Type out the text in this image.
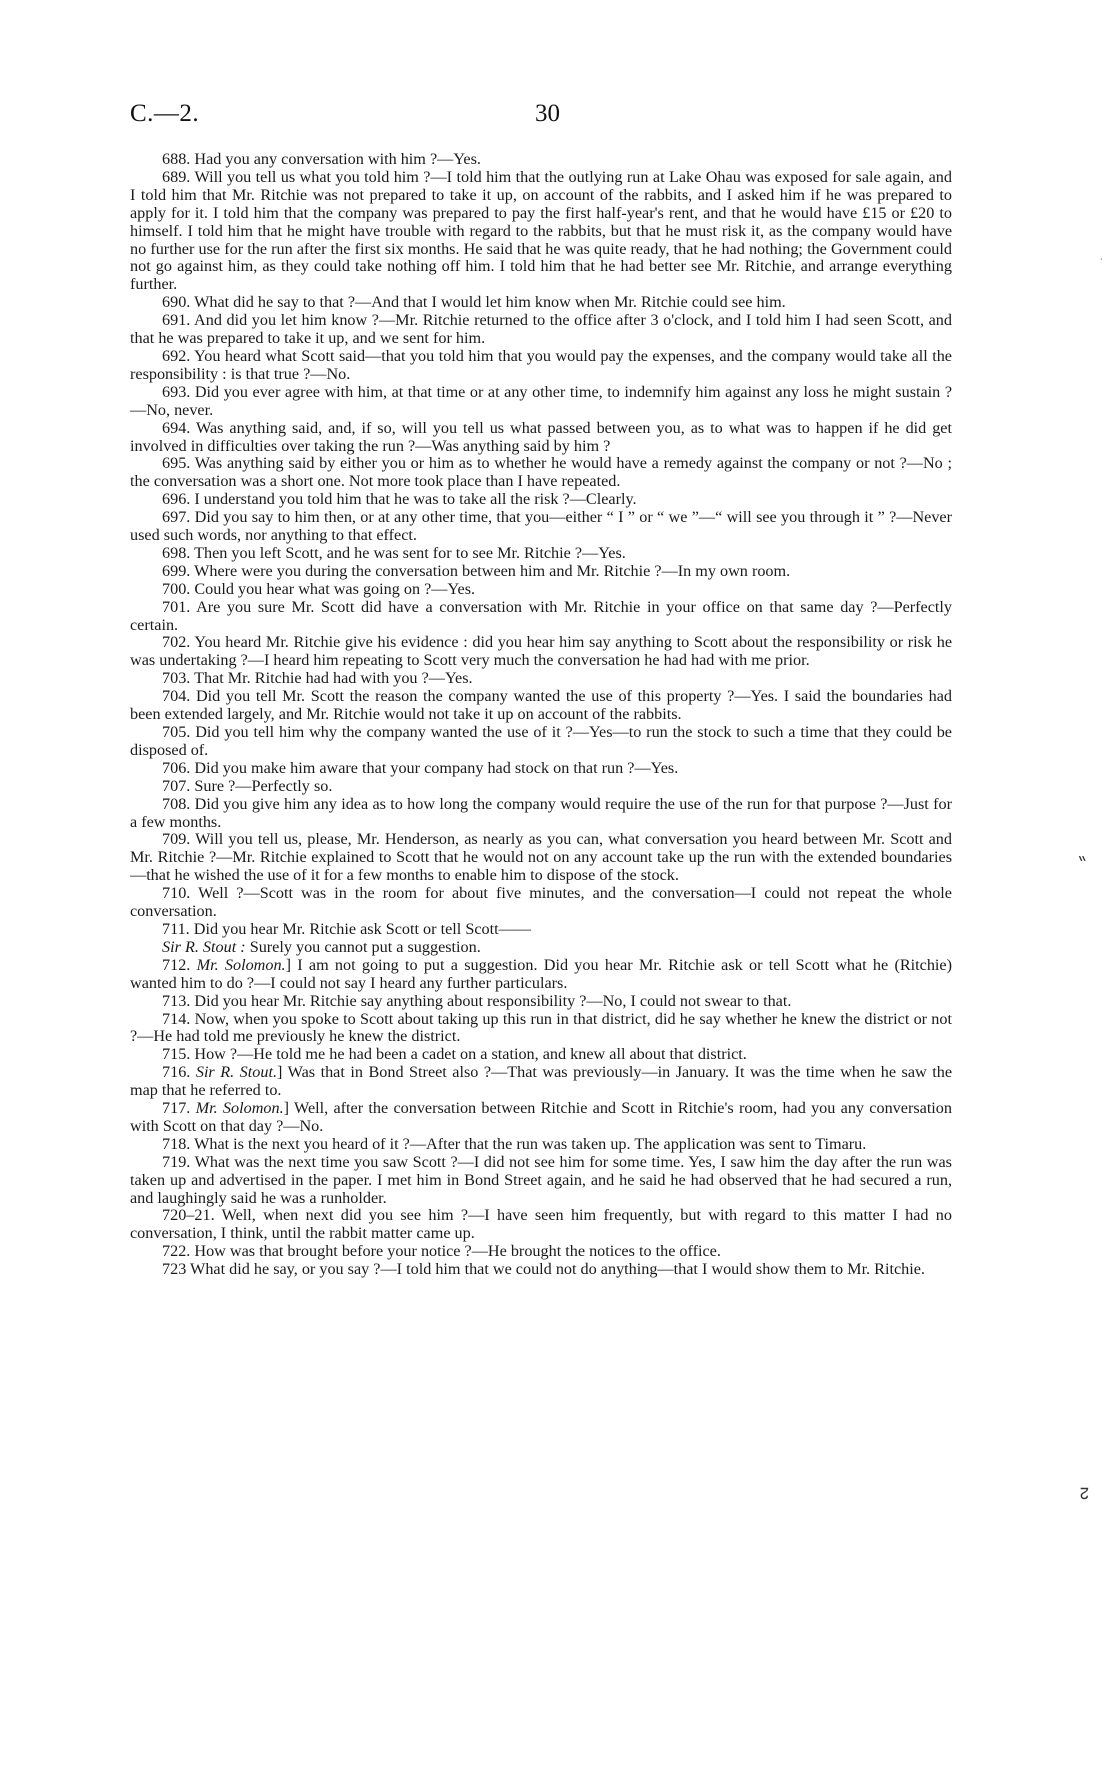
C.—2.	30

688. Had you any conversation with him ?—Yes.

689. Will you tell us what you told him ?—I told him that the outlying run at Lake Ohau was exposed for sale again, and I told him that Mr. Ritchie was not prepared to take it up, on account of the rabbits, and I asked him if he was prepared to apply for it. I told him that the company was prepared to pay the first half-year's rent, and that he would have £15 or £20 to himself. I told him that he might have trouble with regard to the rabbits, but that he must risk it, as the company would have no further use for the run after the first six months. He said that he was quite ready, that he had nothing; the Government could not go against him, as they could take nothing off him. I told him that he had better see Mr. Ritchie, and arrange everything further.

690. What did he say to that ?—And that I would let him know when Mr. Ritchie could see him.

691. And did you let him know ?—Mr. Ritchie returned to the office after 3 o'clock, and I told him I had seen Scott, and that he was prepared to take it up, and we sent for him.

692. You heard what Scott said—that you told him that you would pay the expenses, and the company would take all the responsibility : is that true ?—No.

693. Did you ever agree with him, at that time or at any other time, to indemnify him against any loss he might sustain ?—No, never.

694. Was anything said, and, if so, will you tell us what passed between you, as to what was to happen if he did get involved in difficulties over taking the run ?—Was anything said by him ?

695. Was anything said by either you or him as to whether he would have a remedy against the company or not ?—No ; the conversation was a short one. Not more took place than I have repeated.

696. I understand you told him that he was to take all the risk ?—Clearly.

697. Did you say to him then, or at any other time, that you—either “ I ” or “ we ”—“ will see you through it ” ?—Never used such words, nor anything to that effect.

698. Then you left Scott, and he was sent for to see Mr. Ritchie ?—Yes.

699. Where were you during the conversation between him and Mr. Ritchie ?—In my own room.

700. Could you hear what was going on ?—Yes.

701. Are you sure Mr. Scott did have a conversation with Mr. Ritchie in your office on that same day ?—Perfectly certain.

702. You heard Mr. Ritchie give his evidence : did you hear him say anything to Scott about the responsibility or risk he was undertaking ?—I heard him repeating to Scott very much the conversation he had had with me prior.

703. That Mr. Ritchie had had with you ?—Yes.

704. Did you tell Mr. Scott the reason the company wanted the use of this property ?—Yes. I said the boundaries had been extended largely, and Mr. Ritchie would not take it up on account of the rabbits.

705. Did you tell him why the company wanted the use of it ?—Yes—to run the stock to such a time that they could be disposed of.

706. Did you make him aware that your company had stock on that run ?—Yes.

707. Sure ?—Perfectly so.

708. Did you give him any idea as to how long the company would require the use of the run for that purpose ?—Just for a few months.

709. Will you tell us, please, Mr. Henderson, as nearly as you can, what conversation you heard between Mr. Scott and Mr. Ritchie ?—Mr. Ritchie explained to Scott that he would not on any account take up the run with the extended boundaries—that he wished the use of it for a few months to enable him to dispose of the stock.

710. Well ?—Scott was in the room for about five minutes, and the conversation—I could not repeat the whole conversation.

711. Did you hear Mr. Ritchie ask Scott or tell Scott——

Sir R. Stout : Surely you cannot put a suggestion.

712. Mr. Solomon.] I am not going to put a suggestion. Did you hear Mr. Ritchie ask or tell Scott what he (Ritchie) wanted him to do ?—I could not say I heard any further particulars.

713. Did you hear Mr. Ritchie say anything about responsibility ?—No, I could not swear to that.

714. Now, when you spoke to Scott about taking up this run in that district, did he say whether he knew the district or not ?—He had told me previously he knew the district.

715. How ?—He told me he had been a cadet on a station, and knew all about that district.

716. Sir R. Stout.] Was that in Bond Street also ?—That was previously—in January. It was the time when he saw the map that he referred to.

717. Mr. Solomon.] Well, after the conversation between Ritchie and Scott in Ritchie's room, had you any conversation with Scott on that day ?—No.

718. What is the next you heard of it ?—After that the run was taken up. The application was sent to Timaru.

719. What was the next time you saw Scott ?—I did not see him for some time. Yes, I saw him the day after the run was taken up and advertised in the paper. I met him in Bond Street again, and he said he had observed that he had secured a run, and laughingly said he was a runholder.

720–21. Well, when next did you see him ?—I have seen him frequently, but with regard to this matter I had no conversation, I think, until the rabbit matter came up.

722. How was that brought before your notice ?—He brought the notices to the office.

723 What did he say, or you say ?—I told him that we could not do anything—that I would show them to Mr. Ritchie.

⸗
↊
·
